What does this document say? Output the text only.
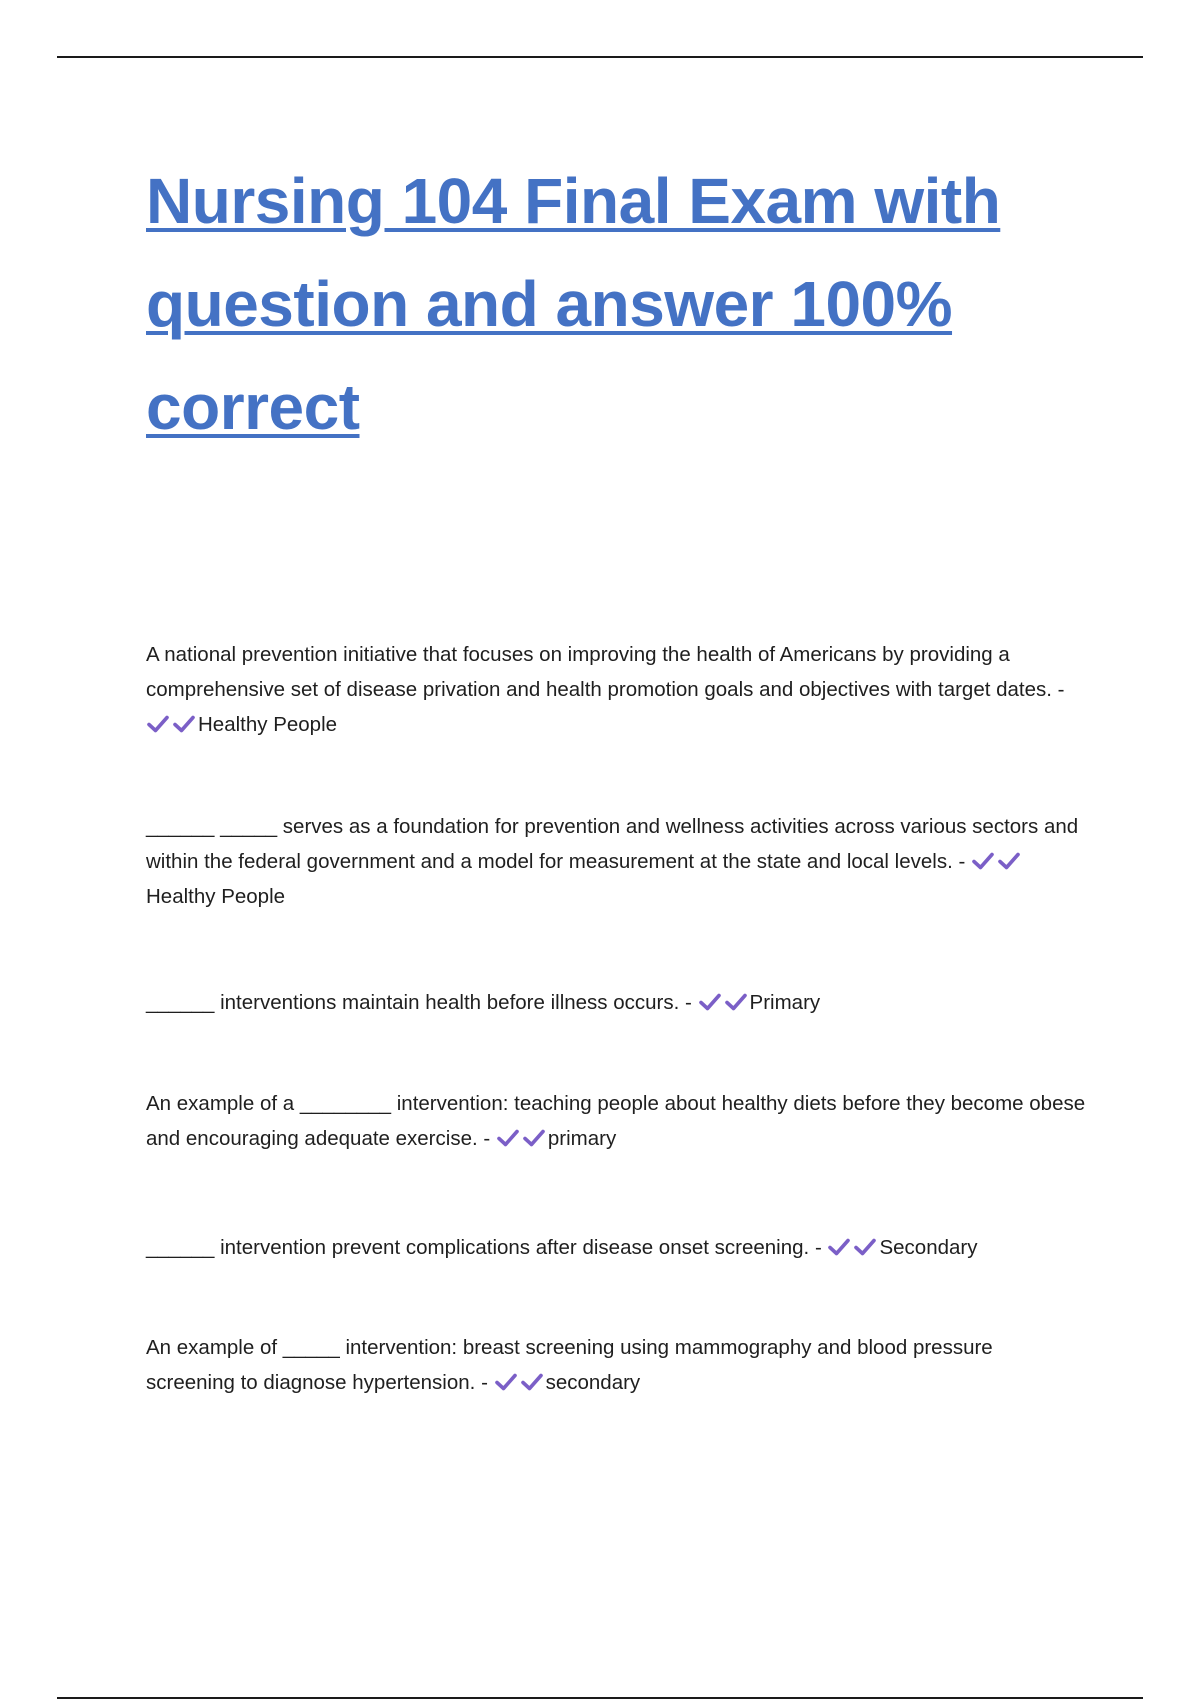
Nursing 104 Final Exam with question and answer 100% correct

A national prevention initiative that focuses on improving the health of Americans by providing a comprehensive set of disease privation and health promotion goals and objectives with target dates. -
Healthy People

______ _____ serves as a foundation for prevention and wellness activities across various sectors and within the federal government and a model for measurement at the state and local levels. -
Healthy People

______ interventions maintain health before illness occurs. -	Primary

An example of a ________ intervention: teaching people about healthy diets before they become obese and encouraging adequate exercise. -	primary

______ intervention prevent complications after disease onset screening. -	Secondary

An example of _____ intervention: breast screening using mammography and blood pressure screening to diagnose hypertension. -	secondary
